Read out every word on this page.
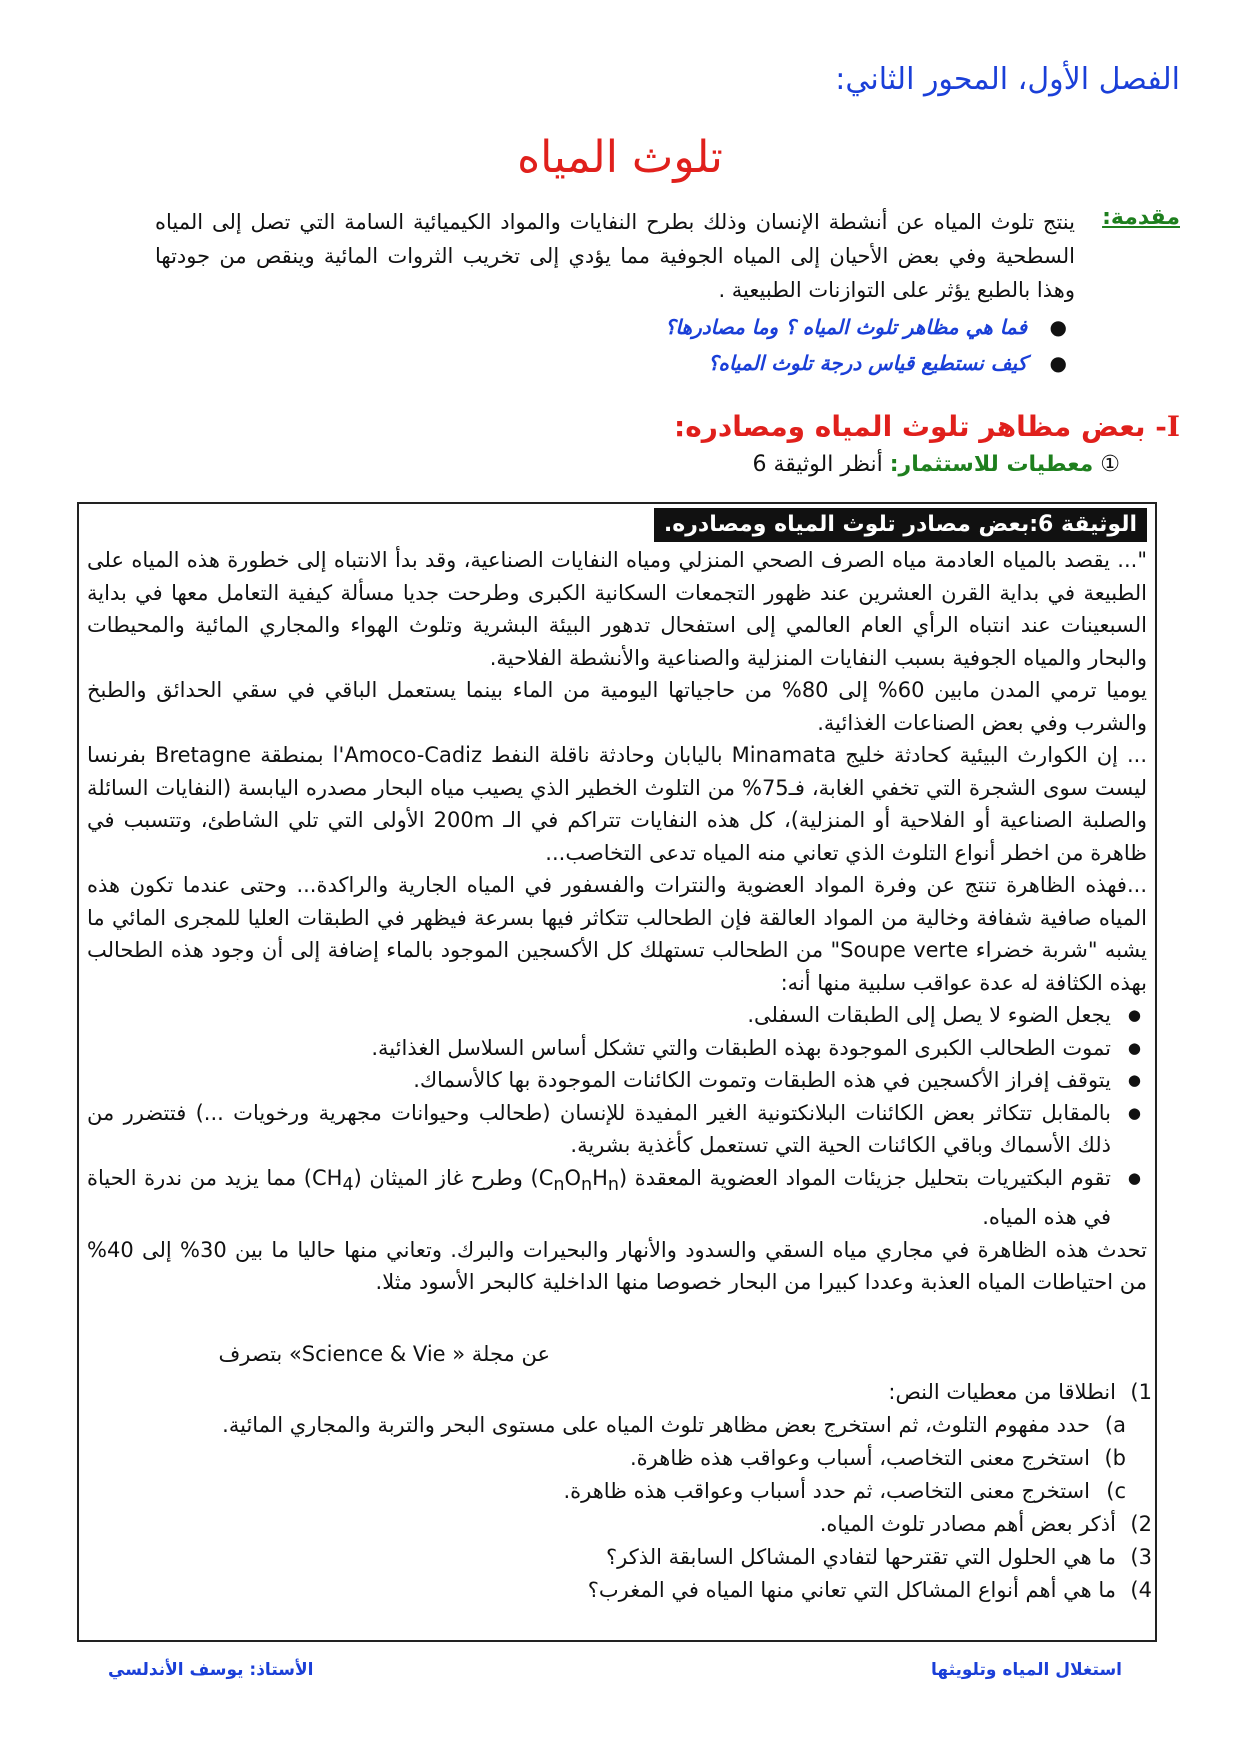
الفصل الأول، المحور الثاني:
تلوث المياه
مقدمة:
ينتج تلوث المياه عن أنشطة الإنسان وذلك بطرح النفايات والمواد الكيميائية السامة التي تصل إلى المياه السطحية وفي بعض الأحيان إلى المياه الجوفية مما يؤدي إلى تخريب الثروات المائية وينقص من جودتها وهذا بالطبع يؤثر على التوازنات الطبيعية .
●
فما هي مظاهر تلوث المياه ؟ وما مصادرها؟
●
كيف نستطيع قياس درجة تلوث المياه؟
I- بعض مظاهر تلوث المياه ومصادره:
① معطيات للاستثمار: أنظر الوثيقة 6
الوثيقة 6:بعض مصادر تلوث المياه ومصادره.

"... يقصد بالمياه العادمة مياه الصرف الصحي المنزلي ومياه النفايات الصناعية، وقد بدأ الانتباه إلى خطورة هذه المياه على الطبيعة في بداية القرن العشرين عند ظهور التجمعات السكانية الكبرى وطرحت جديا مسألة كيفية التعامل معها في بداية السبعينات عند انتباه الرأي العام العالمي إلى استفحال تدهور البيئة البشرية وتلوث الهواء والمجاري المائية والمحيطات والبحار والمياه الجوفية بسبب النفايات المنزلية والصناعية والأنشطة الفلاحية.

يوميا ترمي المدن مابين 60% إلى 80% من حاجياتها اليومية من الماء بينما يستعمل الباقي في سقي الحدائق والطبخ والشرب وفي بعض الصناعات الغذائية.

... إن الكوارث البيئية كحادثة خليج Minamata باليابان وحادثة ناقلة النفط l'Amoco-Cadiz بمنطقة Bretagne بفرنسا ليست سوى الشجرة التي تخفي الغابة، فـ75% من التلوث الخطير الذي يصيب مياه البحار مصدره اليابسة (النفايات السائلة والصلبة الصناعية أو الفلاحية أو المنزلية)، كل هذه النفايات تتراكم في الـ 200m الأولى التي تلي الشاطئ، وتتسبب في ظاهرة من اخطر أنواع التلوث الذي تعاني منه المياه تدعى التخاصب...

...فهذه الظاهرة تنتج عن وفرة المواد العضوية والنترات والفسفور في المياه الجارية والراكدة... وحتى عندما تكون هذه المياه صافية شفافة وخالية من المواد العالقة فإن الطحالب تتكاثر فيها بسرعة فيظهر في الطبقات العليا للمجرى المائي ما يشبه "شربة خضراء Soupe verte" من الطحالب تستهلك كل الأكسجين الموجود بالماء إضافة إلى أن وجود هذه الطحالب بهذه الكثافة له عدة عواقب سلبية منها أنه:

● يجعل الضوء لا يصل إلى الطبقات السفلى.
● تموت الطحالب الكبرى الموجودة بهذه الطبقات والتي تشكل أساس السلاسل الغذائية.
● يتوقف إفراز الأكسجين في هذه الطبقات وتموت الكائنات الموجودة بها كالأسماك.
● بالمقابل تتكاثر بعض الكائنات البلانكتونية الغير المفيدة للإنسان (طحالب وحيوانات مجهرية ورخويات ...) فتتضرر من ذلك الأسماك وباقي الكائنات الحية التي تستعمل كأغذية بشرية.
● تقوم البكتيريات بتحليل جزيئات المواد العضوية المعقدة $(C_nO_nH_n)$ وطرح غاز الميثان $(CH_4)$ مما يزيد من ندرة الحياة في هذه المياه.

تحدث هذه الظاهرة في مجاري مياه السقي والسدود والأنهار والبحيرات والبرك. وتعاني منها حاليا ما بين 30% إلى 40% من احتياطات المياه العذبة وعددا كبيرا من البحار خصوصا منها الداخلية كالبحر الأسود مثلا.

عن مجلة « Science & Vie» بتصرف
1)
انطلاقا من معطيات النص:
a)
حدد مفهوم التلوث، ثم استخرج بعض مظاهر تلوث المياه على مستوى البحر والتربة والمجاري المائية.
b)
استخرج معنى التخاصب، أسباب وعواقب هذه ظاهرة.
c)
استخرج معنى التخاصب، ثم حدد أسباب وعواقب هذه ظاهرة.
2)
أذكر بعض أهم مصادر تلوث المياه.
3)
ما هي الحلول التي تقترحها لتفادي المشاكل السابقة الذكر؟
4)
ما هي أهم أنواع المشاكل التي تعاني منها المياه في المغرب؟
الأستاذ: يوسف الأندلسي	استغلال المياه وتلويثها
